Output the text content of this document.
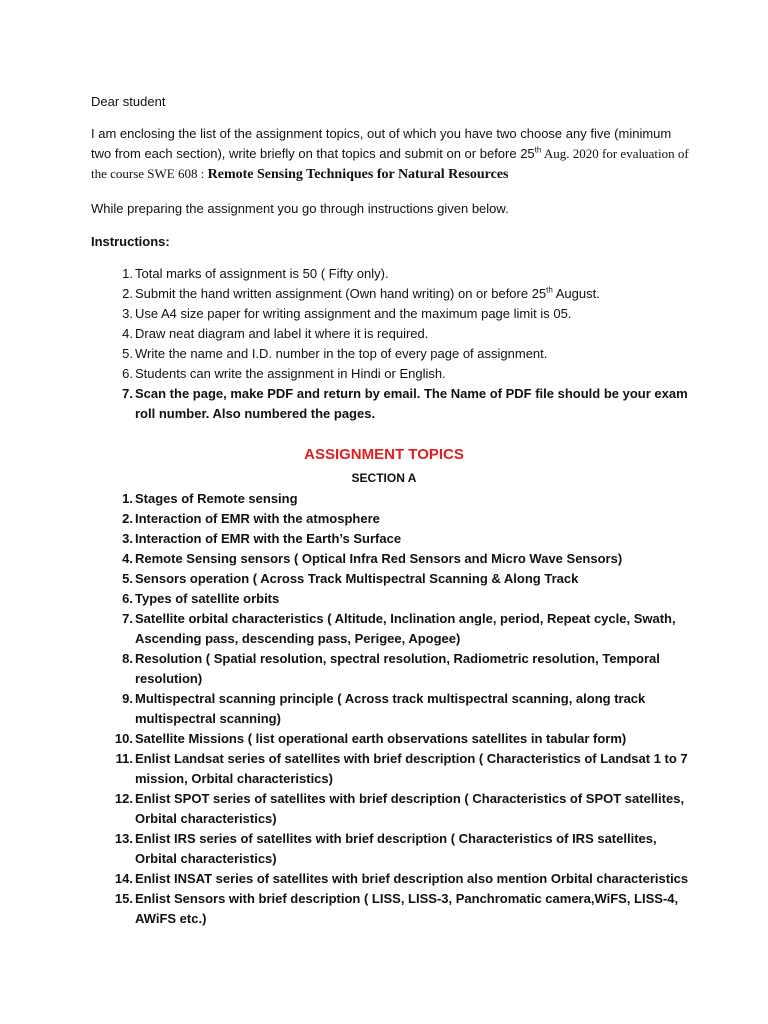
Dear student
I am enclosing the list of the assignment topics, out of which you have two choose any five (minimum two from each section), write briefly on that topics and submit on or before 25th Aug. 2020 for evaluation of the course SWE 608 : Remote Sensing Techniques for Natural Resources
While preparing the assignment you go through instructions given below.
Instructions:
1. Total marks of assignment is 50 ( Fifty only).
2. Submit the hand written assignment (Own hand writing) on or before 25th August.
3. Use A4 size paper for writing assignment and the maximum page limit is 05.
4. Draw neat diagram and label it where it is required.
5. Write the name and I.D. number in the top of every page of assignment.
6. Students can write the assignment in Hindi or English.
7. Scan the page, make PDF and return by email. The Name of PDF file should be your exam roll number. Also numbered the pages.
ASSIGNMENT TOPICS
SECTION A
1. Stages of Remote sensing
2. Interaction of EMR with the atmosphere
3. Interaction of EMR with the Earth’s Surface
4. Remote Sensing sensors ( Optical Infra Red Sensors and Micro Wave Sensors)
5. Sensors operation ( Across Track Multispectral Scanning & Along Track
6. Types of satellite orbits
7. Satellite orbital characteristics ( Altitude, Inclination angle, period, Repeat cycle, Swath, Ascending pass, descending pass, Perigee, Apogee)
8. Resolution ( Spatial resolution, spectral resolution, Radiometric resolution, Temporal resolution)
9. Multispectral scanning principle ( Across track multispectral scanning, along track multispectral scanning)
10. Satellite Missions ( list operational earth observations satellites in tabular form)
11. Enlist Landsat series of satellites with brief description ( Characteristics of Landsat 1 to 7 mission, Orbital characteristics)
12. Enlist SPOT series of satellites with brief description ( Characteristics of SPOT satellites, Orbital characteristics)
13. Enlist IRS series of satellites with brief description ( Characteristics of IRS satellites, Orbital characteristics)
14. Enlist INSAT series of satellites with brief description also mention Orbital characteristics
15. Enlist Sensors with brief description ( LISS, LISS-3, Panchromatic camera,WiFS, LISS-4, AWiFS etc.)
